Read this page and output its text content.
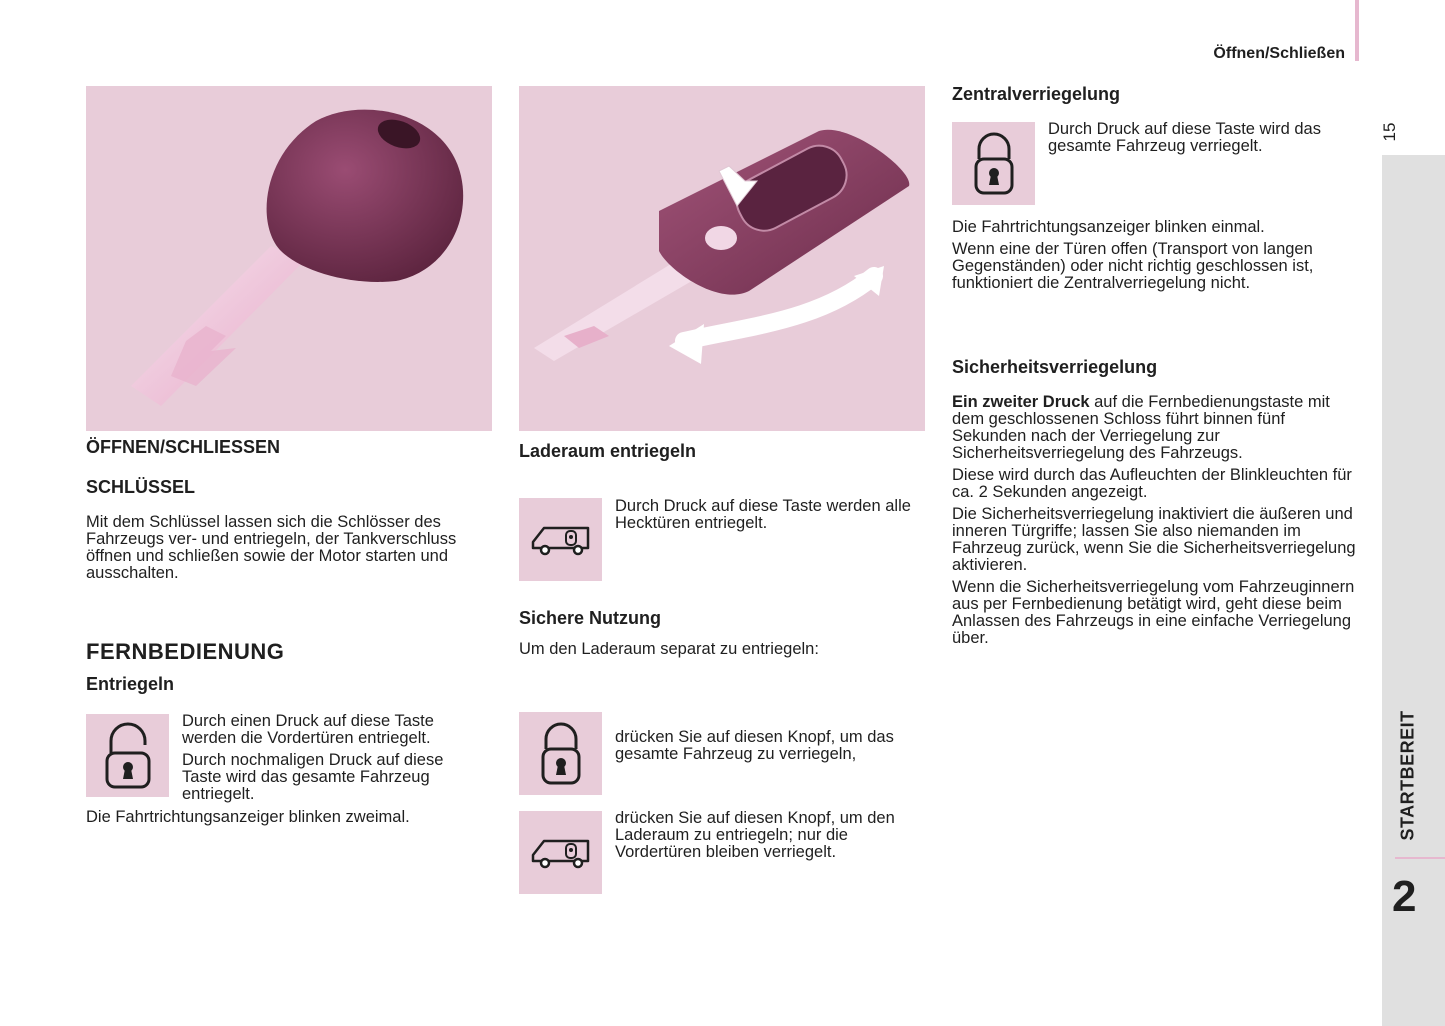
Öffnen/Schließen
15
STARTBEREIT
2
ÖFFNEN/SCHLIESSEN
SCHLÜSSEL
Mit dem Schlüssel lassen sich die Schlösser des Fahrzeugs ver- und entriegeln, der Tankverschluss öffnen und schließen sowie der Motor starten und ausschalten.
FERNBEDIENUNG
Entriegeln

Durch einen Druck auf diese Taste werden die Vordertüren entriegelt.

Durch nochmaligen Druck auf diese Taste wird das gesamte Fahrzeug entriegelt.

Die Fahrtrichtungsanzeiger blinken zweimal.
Laderaum entriegeln
Durch Druck auf diese Taste werden alle Hecktüren entriegelt.
Sichere Nutzung
Um den Laderaum separat zu entriegeln:
drücken Sie auf diesen Knopf, um das gesamte Fahrzeug zu verriegeln,
drücken Sie auf diesen Knopf, um den Laderaum zu entriegeln; nur die Vordertüren bleiben verriegelt.
Zentralverriegelung
Durch Druck auf diese Taste wird das gesamte Fahrzeug verriegelt.

Die Fahrtrichtungsanzeiger blinken einmal.

Wenn eine der Türen offen (Transport von langen Gegenständen) oder nicht richtig geschlossen ist, funktioniert die Zentralverriegelung nicht.

Sicherheitsverriegelung

Ein zweiter Druck auf die Fernbedienungstaste mit dem geschlossenen Schloss führt binnen fünf Sekunden nach der Verriegelung zur Sicherheitsverriegelung des Fahrzeugs.

Diese wird durch das Aufleuchten der Blinkleuchten für ca. 2 Sekunden angezeigt.

Die Sicherheitsverriegelung inaktiviert die äußeren und inneren Türgriffe; lassen Sie also niemanden im Fahrzeug zurück, wenn Sie die Sicherheitsverriegelung aktivieren.

Wenn die Sicherheitsverriegelung vom Fahrzeuginnern aus per Fernbedienung betätigt wird, geht diese beim Anlassen des Fahrzeugs in eine einfache Verriegelung über.
